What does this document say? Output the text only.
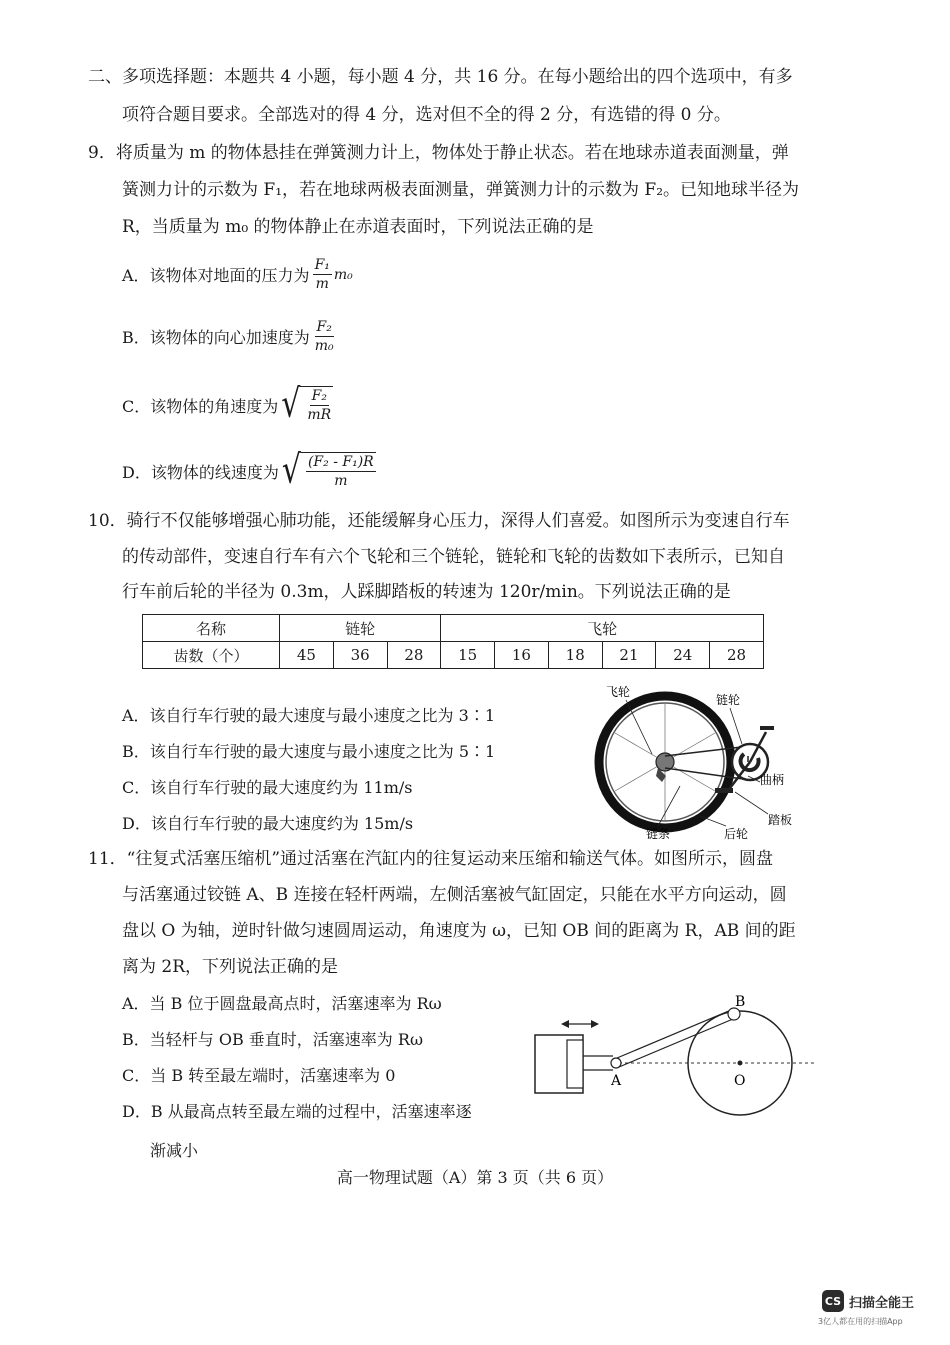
二、多项选择题：本题共 4 小题，每小题 4 分，共 16 分。在每小题给出的四个选项中，有多
项符合题目要求。全部选对的得 4 分，选对但不全的得 2 分，有选错的得 0 分。
9．将质量为 m 的物体悬挂在弹簧测力计上，物体处于静止状态。若在地球赤道表面测量，弹
簧测力计的示数为 F₁，若在地球两极表面测量，弹簧测力计的示数为 F₂。已知地球半径为
R，当质量为 m₀ 的物体静止在赤道表面时，下列说法正确的是
A．该物体对地面的压力为 $\frac{\text{F₁}}{m} m_0$
B．该物体的向心加速度为 $\frac{\text{F₂}}{\text{m₀}}$
C．该物体的角速度为 √ $\frac{\text{F₂}}{mR}$
D．该物体的线速度为 √ $\frac{\text{(F₂ - F₁)R}}{m}$
10．骑行不仅能够增强心肺功能，还能缓解身心压力，深得人们喜爱。如图所示为变速自行车
的传动部件，变速自行车有六个飞轮和三个链轮，链轮和飞轮的齿数如下表所示，已知自
行车前后轮的半径为 0.3m，人踩脚踏板的转速为 120r/min。下列说法正确的是
名称	链轮			飞轮					
齿数（个）	45	36	28	15	16	18	21	24	28
A．该自行车行驶的最大速度与最小速度之比为 3∶1
B．该自行车行驶的最大速度与最小速度之比为 5∶1
C．该自行车行驶的最大速度约为 11m/s
D．该自行车行驶的最大速度约为 15m/s
飞轮
链轮
曲柄
踏板
链条	后轮
11．“往复式活塞压缩机”通过活塞在汽缸内的往复运动来压缩和输送气体。如图所示，圆盘
与活塞通过铰链 A、B 连接在轻杆两端，左侧活塞被气缸固定，只能在水平方向运动，圆
盘以 O 为轴，逆时针做匀速圆周运动，角速度为 ω，已知 OB 间的距离为 R，AB 间的距
离为 2R，下列说法正确的是
A．当 B 位于圆盘最高点时，活塞速率为 Rω
B．当轻杆与 OB 垂直时，活塞速率为 Rω
C．当 B 转至最左端时，活塞速率为 0
D．B 从最高点转至最左端的过程中，活塞速率逐
渐减小
A
B
O
高一物理试题（A）第 3 页（共 6 页）
CS 扫描全能王
3亿人都在用的扫描App
